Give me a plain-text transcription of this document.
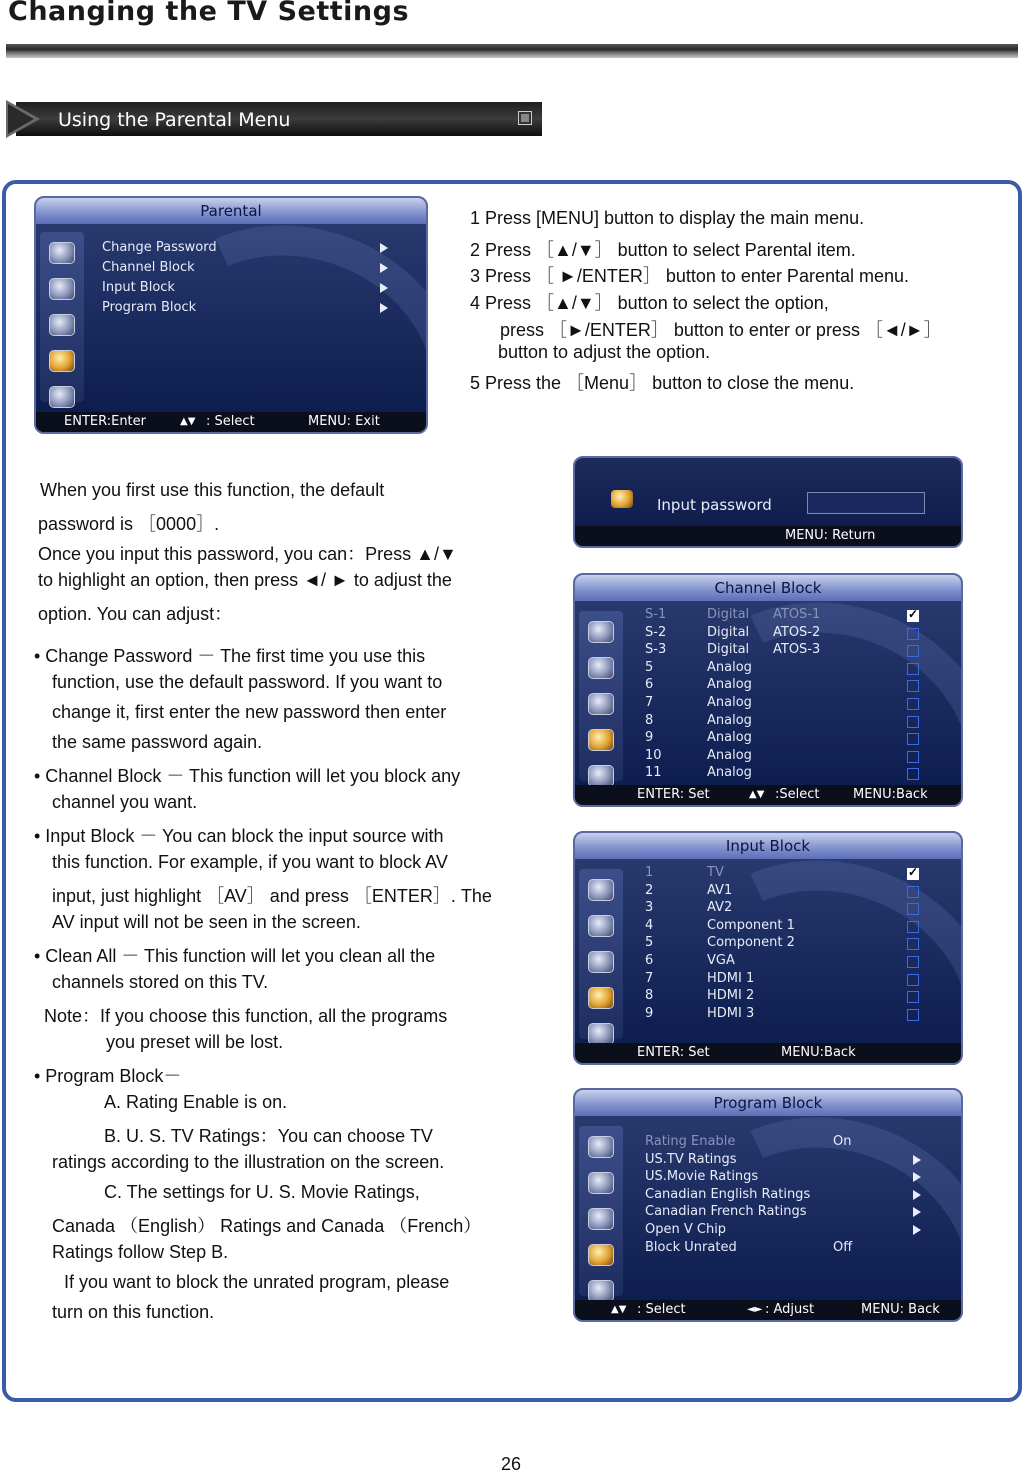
Changing the TV Settings
Using the Parental Menu
Parental
Change Password
Channel Block
Input Block
Program Block
ENTER:Enter	▲▼ : Select	MENU: Exit
1 Press [MENU] button to display the main menu.
2 Press ［▲/▼］ button to select Parental item.
3 Press ［ ►/ENTER］ button to enter Parental menu.
4 Press ［▲/▼］ button to select the option,
press ［►/ENTER］ button to enter or press ［◄/►］
button to adjust the option.
5 Press the ［Menu］ button to close the menu.
When you first use this function, the default
password is ［0000］.
Once you input this password, you can：Press ▲/▼
to highlight an option, then press ◄/ ► to adjust the
option. You can adjust：
• Change Password － The first time you use this
function, use the default password. If you want to
change it, first enter the new password then enter
the same password again.
• Channel Block － This function will let you block any
channel you want.
• Input Block － You can block the input source with
this function. For example, if you want to block AV
input, just highlight ［AV］ and press ［ENTER］. The
AV input will not be seen in the screen.
• Clean All － This function will let you clean all the
channels stored on this TV.
Note：If you choose this function, all the programs
you preset will be lost.
• Program Block－
A. Rating Enable is on.
B. U. S. TV Ratings：You can choose TV
ratings according to the illustration on the screen.
C. The settings for U. S. Movie Ratings,
Canada （English） Ratings and Canada （French）
Ratings follow Step B.
If you want to block the unrated program, please
turn on this function.
Input password
MENU: Return
Channel Block
S-1	Digital ATOS-1
✓
S-2	Digital ATOS-2
S-3	Digital ATOS-3
5	Analog
6	Analog
7	Analog
8	Analog
9	Analog
10	Analog
11	Analog
ENTER: Set	▲▼ :Select	MENU:Back
Input Block
1	TV
✓
2	AV1
3	AV2
4	Component 1
5	Component 2
6	VGA
7	HDMI 1
8	HDMI 2
9	HDMI 3
ENTER: Set	MENU:Back
Program Block
Rating Enable	On
US.TV Ratings
US.Movie Ratings
Canadian English Ratings
Canadian French Ratings
Open V Chip
Block Unrated	Off
▲▼ : Select	◄► : Adjust	MENU: Back
26
